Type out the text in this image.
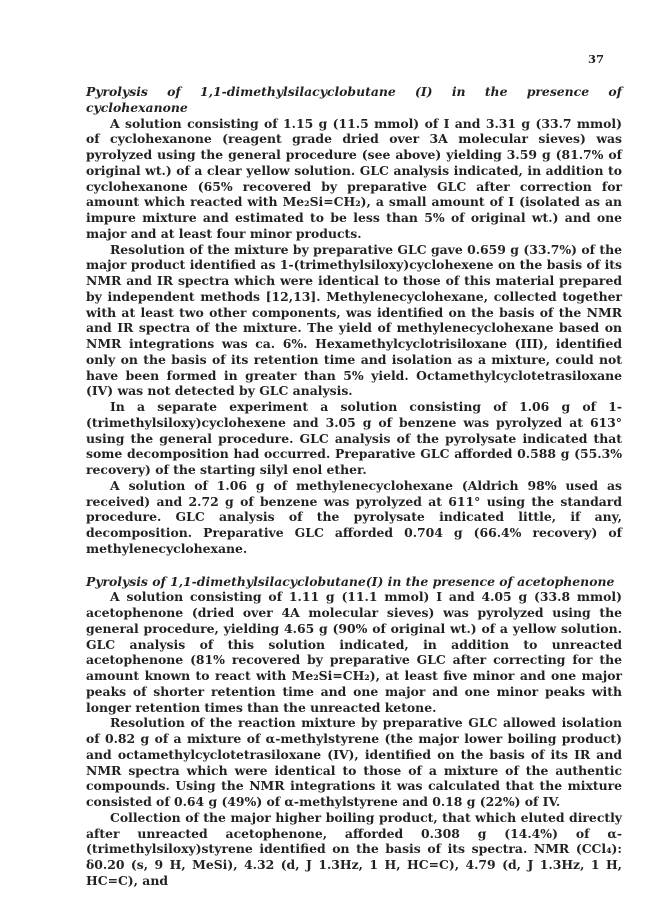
37
Pyrolysis of 1,1-dimethylsilacyclobutane (I) in the presence of cyclohexanone

A solution consisting of 1.15 g (11.5 mmol) of I and 3.31 g (33.7 mmol) of cyclohexanone (reagent grade dried over 3A molecular sieves) was pyrolyzed using the general procedure (see above) yielding 3.59 g (81.7% of original wt.) of a clear yellow solution. GLC analysis indicated, in addition to cyclohexanone (65% recovered by preparative GLC after correction for amount which reacted with Me₂Si=CH₂), a small amount of I (isolated as an impure mixture and estimated to be less than 5% of original wt.) and one major and at least four minor products.

Resolution of the mixture by preparative GLC gave 0.659 g (33.7%) of the major product identified as 1-(trimethylsiloxy)cyclohexene on the basis of its NMR and IR spectra which were identical to those of this material prepared by independent methods [12,13]. Methylenecyclohexane, collected together with at least two other components, was identified on the basis of the NMR and IR spectra of the mixture. The yield of methylenecyclohexane based on NMR integrations was ca. 6%. Hexamethylcyclotrisiloxane (III), identified only on the basis of its retention time and isolation as a mixture, could not have been formed in greater than 5% yield. Octamethylcyclotetrasiloxane (IV) was not detected by GLC analysis.

In a separate experiment a solution consisting of 1.06 g of 1-(trimethylsiloxy)cyclohexene and 3.05 g of benzene was pyrolyzed at 613° using the general procedure. GLC analysis of the pyrolysate indicated that some decomposition had occurred. Preparative GLC afforded 0.588 g (55.3% recovery) of the starting silyl enol ether.

A solution of 1.06 g of methylenecyclohexane (Aldrich 98% used as received) and 2.72 g of benzene was pyrolyzed at 611° using the standard procedure. GLC analysis of the pyrolysate indicated little, if any, decomposition. Preparative GLC afforded 0.704 g (66.4% recovery) of methylenecyclohexane.

Pyrolysis of 1,1-dimethylsilacyclobutane(I) in the presence of acetophenone

A solution consisting of 1.11 g (11.1 mmol) I and 4.05 g (33.8 mmol) acetophenone (dried over 4A molecular sieves) was pyrolyzed using the general procedure, yielding 4.65 g (90% of original wt.) of a yellow solution. GLC analysis of this solution indicated, in addition to unreacted acetophenone (81% recovered by preparative GLC after correcting for the amount known to react with Me₂Si=CH₂), at least five minor and one major peaks of shorter retention time and one major and one minor peaks with longer retention times than the unreacted ketone.

Resolution of the reaction mixture by preparative GLC allowed isolation of 0.82 g of a mixture of α-methylstyrene (the major lower boiling product) and octamethylcyclotetrasiloxane (IV), identified on the basis of its IR and NMR spectra which were identical to those of a mixture of the authentic compounds. Using the NMR integrations it was calculated that the mixture consisted of 0.64 g (49%) of α-methylstyrene and 0.18 g (22%) of IV.

Collection of the major higher boiling product, that which eluted directly after unreacted acetophenone, afforded 0.308 g (14.4%) of α-(trimethylsiloxy)styrene identified on the basis of its spectra. NMR (CCl₄): δ0.20 (s, 9 H, MeSi), 4.32 (d, J 1.3Hz, 1 H, HC=C), 4.79 (d, J 1.3Hz, 1 H, HC=C), and
